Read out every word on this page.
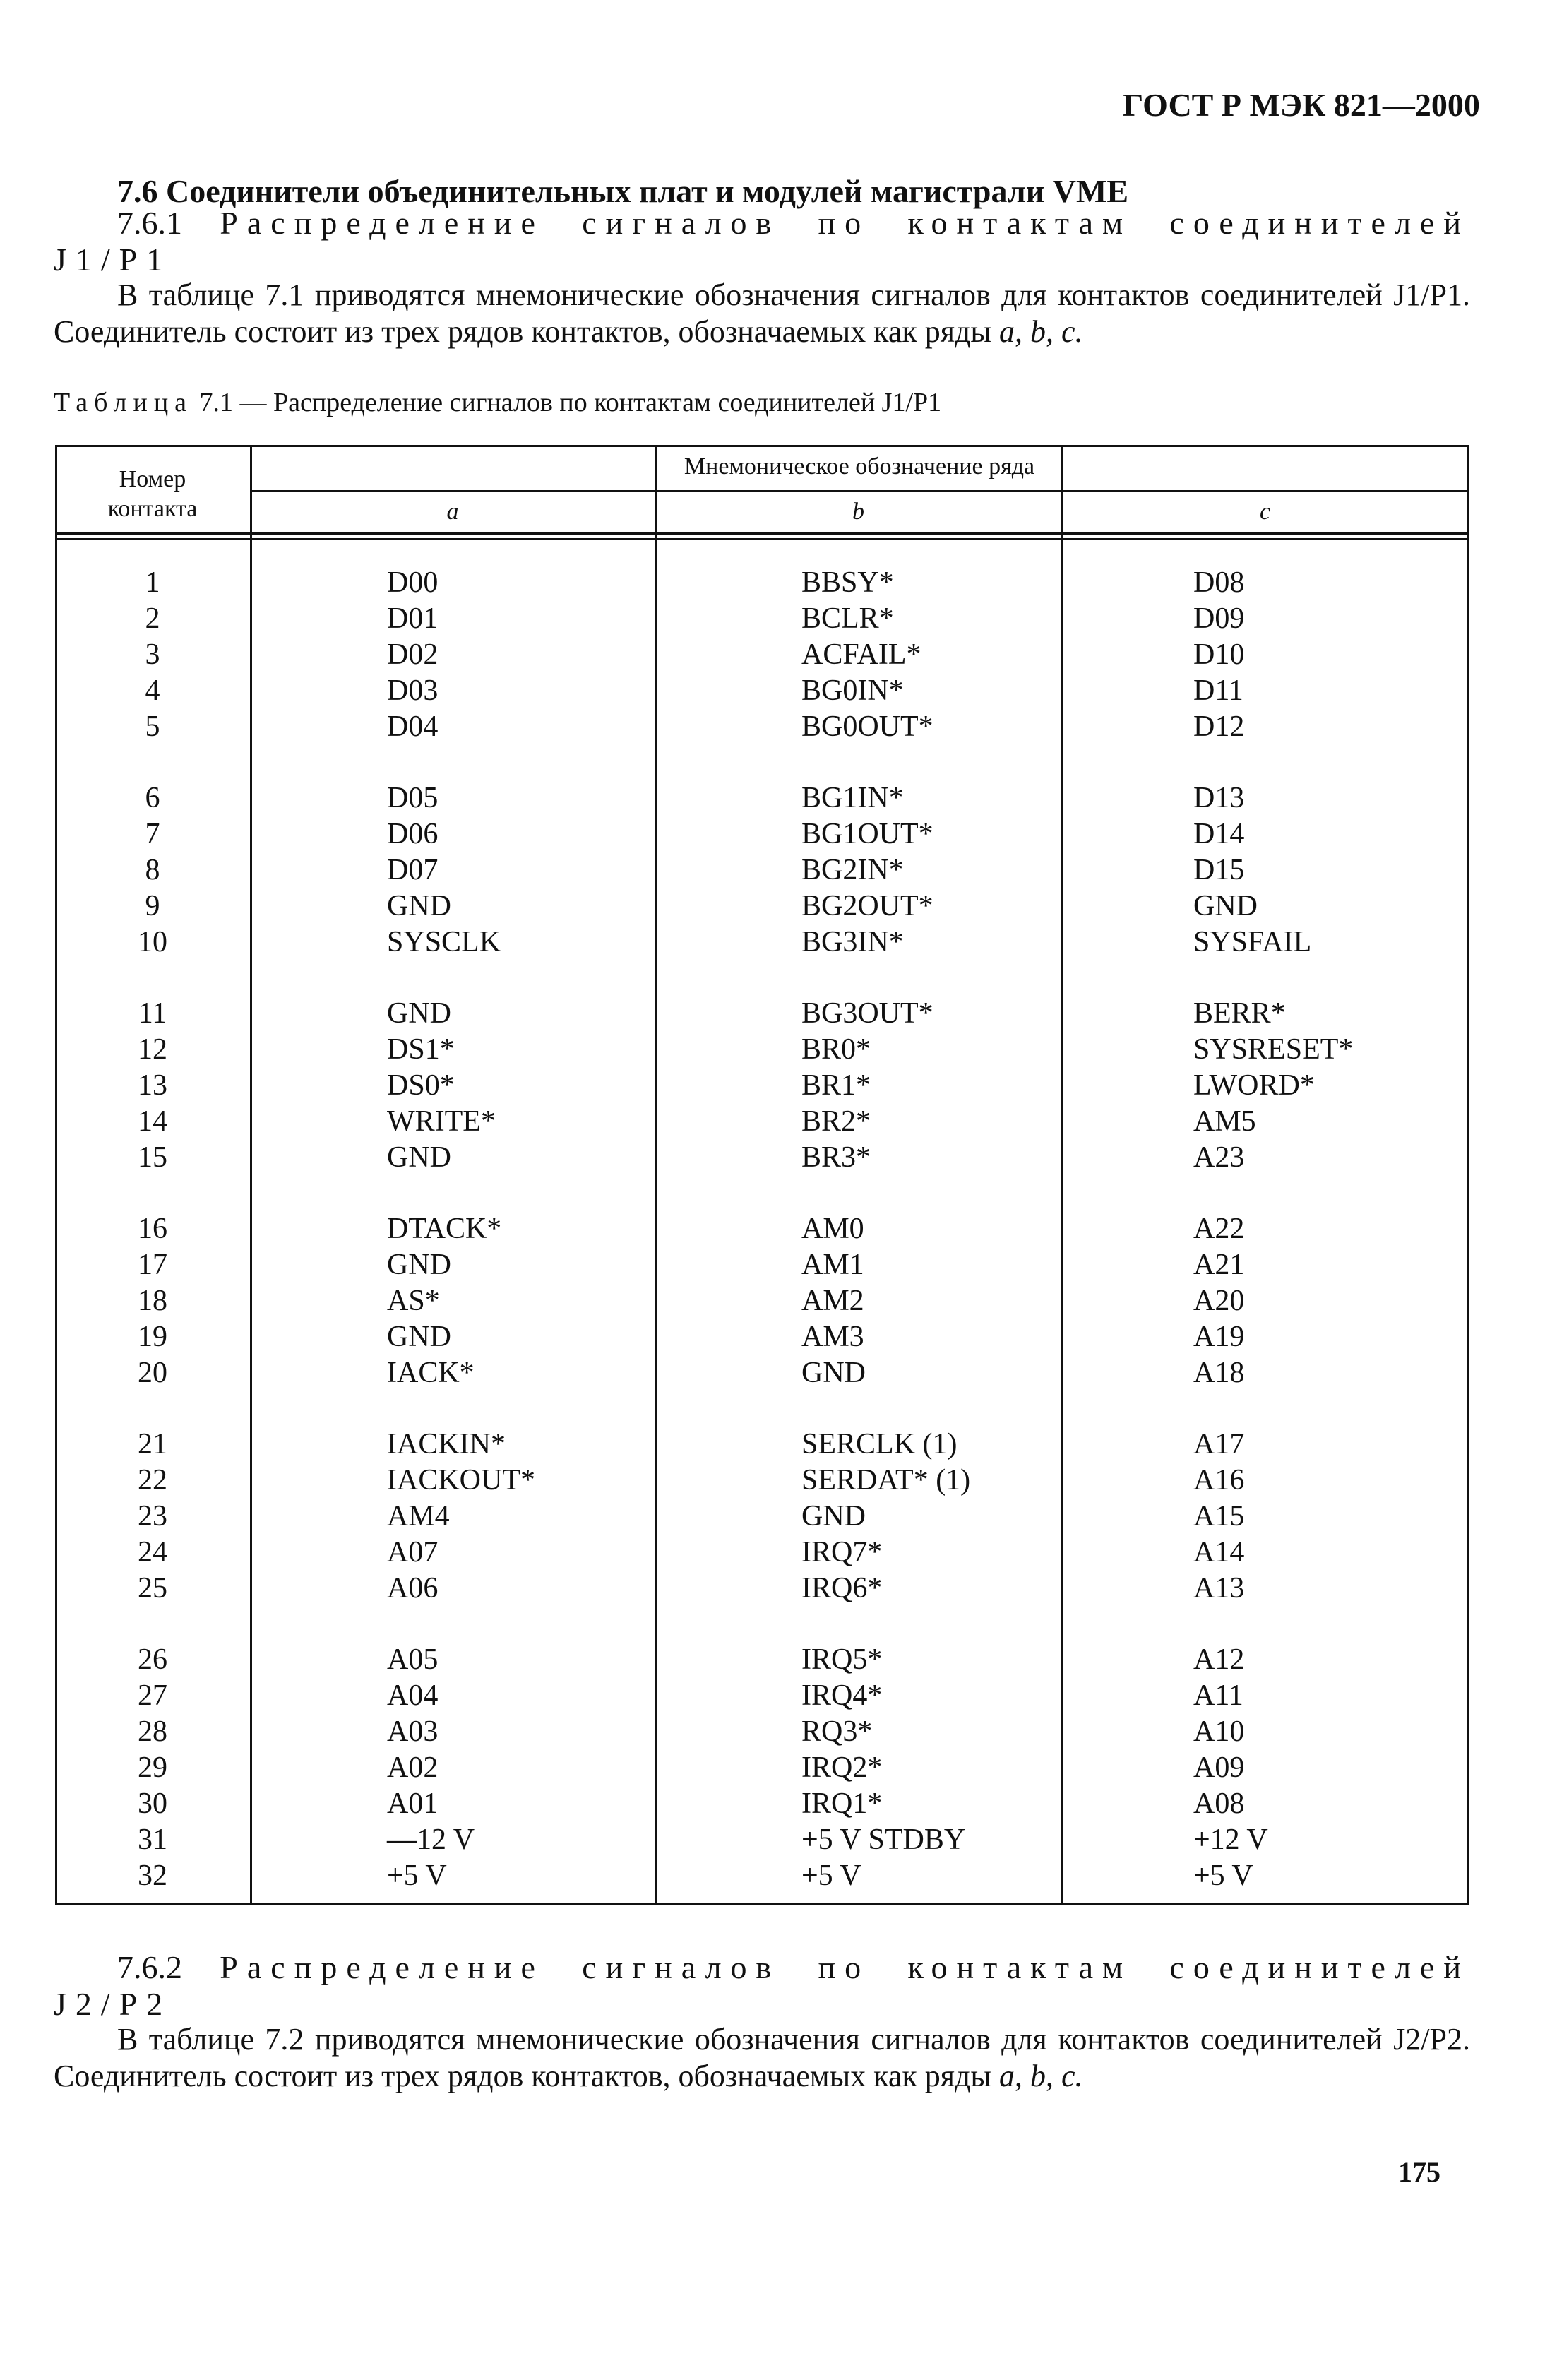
ГОСТ Р МЭК 821—2000
7.6 Соединители объединительных плат и модулей магистрали VME
7.6.1 Распределение сигналов по контактам соединителей
J1/P1
В таблице 7.1 приводятся мнемонические обозначения сигналов для контактов соединителей J1/P1. Соединитель состоит из трех рядов контактов, обозначаемых как ряды a, b, c.
Таблица 7.1 — Распределение сигналов по контактам соединителей J1/P1
Номер
контакта
Мнемоническое обозначение ряда
a	b	c
1	D00	BBSY*	D08
2	D01	BCLR*	D09
3	D02	ACFAIL*	D10
4	D03	BG0IN*	D11
5	D04	BG0OUT*	D12
6	D05	BG1IN*	D13
7	D06	BG1OUT*	D14
8	D07	BG2IN*	D15
9	GND	BG2OUT*	GND
10	SYSCLK	BG3IN*	SYSFAIL
11	GND	BG3OUT*	BERR*
12	DS1*	BR0*	SYSRESET*
13	DS0*	BR1*	LWORD*
14	WRITE*	BR2*	AM5
15	GND	BR3*	A23
16	DTACK*	AM0	A22
17	GND	AM1	A21
18	AS*	AM2	A20
19	GND	AM3	A19
20	IACK*	GND	A18
21	IACKIN*	SERCLK (1)	A17
22	IACKOUT*	SERDAT* (1)	A16
23	AM4	GND	A15
24	A07	IRQ7*	A14
25	A06	IRQ6*	A13
26	A05	IRQ5*	A12
27	A04	IRQ4*	A11
28	A03	RQ3*	A10
29	A02	IRQ2*	A09
30	A01	IRQ1*	A08
31	—12 V	+5 V STDBY	+12 V
32	+5 V	+5 V	+5 V
7.6.2 Распределение сигналов по контактам соединителей
J2/P2
В таблице 7.2 приводятся мнемонические обозначения сигналов для контактов соединителей J2/P2. Соединитель состоит из трех рядов контактов, обозначаемых как ряды a, b, c.
175
